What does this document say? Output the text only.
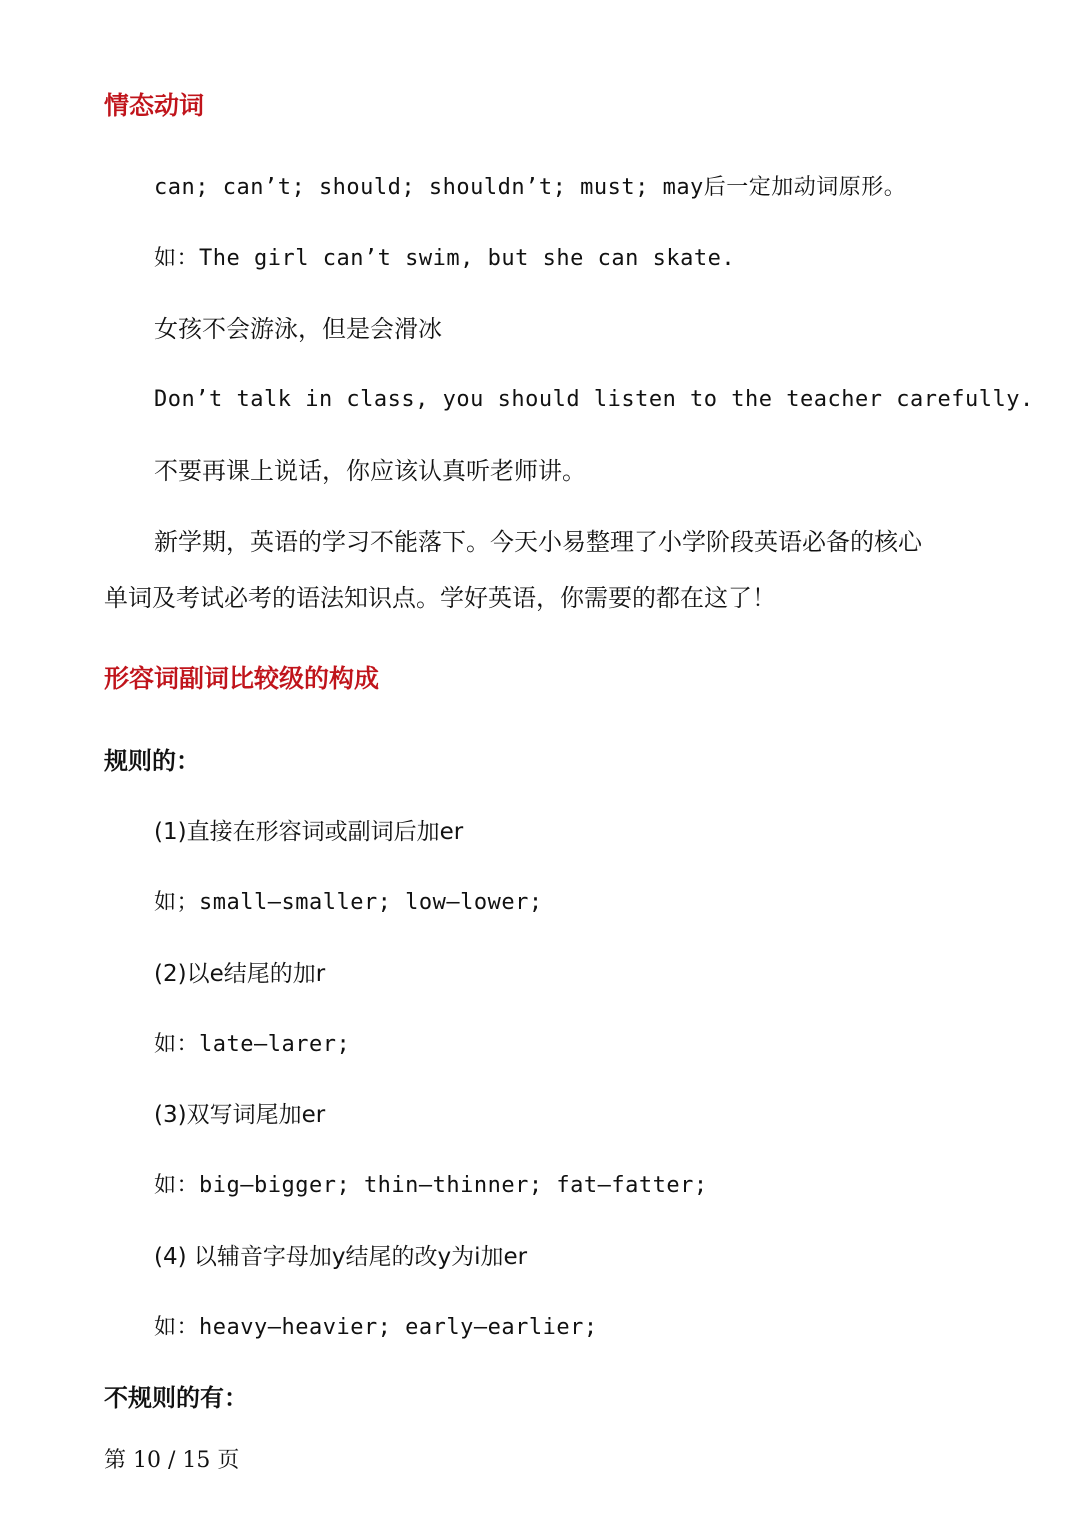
情态动词
can; can’t; should; shouldn’t; must; may后一定加动词原形。
如：The girl can’t swim, but she can skate.
女孩不会游泳，但是会滑冰
Don’t talk in class, you should listen to the teacher carefully.
不要再课上说话，你应该认真听老师讲。
新学期，英语的学习不能落下。今天小易整理了小学阶段英语必备的核心
单词及考试必考的语法知识点。学好英语，你需要的都在这了！
形容词副词比较级的构成
规则的：
(1)直接在形容词或副词后加er
如；small—smaller; low—lower;
(2)以e结尾的加r
如：late—larer;
(3)双写词尾加er
如：big—bigger; thin—thinner; fat—fatter;
(4) 以辅音字母加y结尾的改y为i加er
如：heavy—heavier; early—earlier;
不规则的有：
第 10 / 15 页
